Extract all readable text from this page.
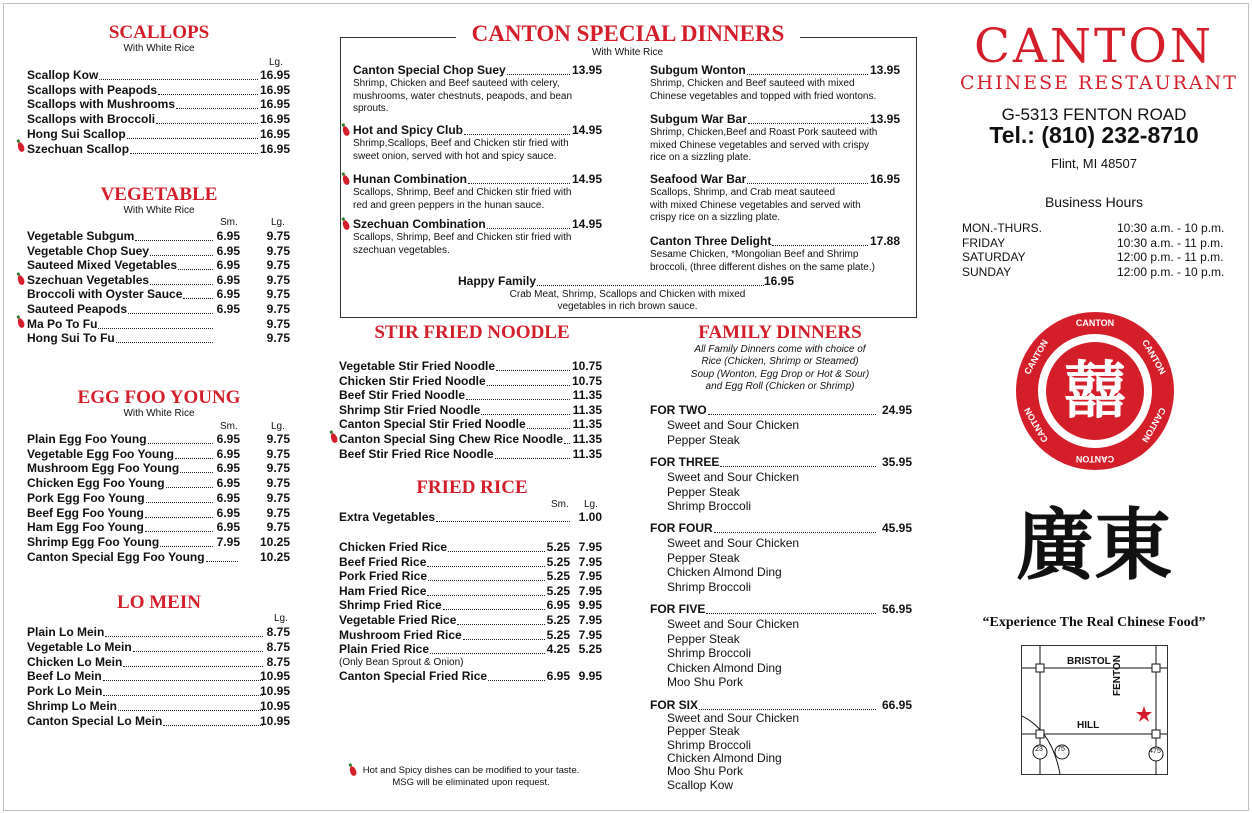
SCALLOPS
With White Rice
Lg.
Scallop Kow	16.95
Scallops with Peapods	16.95
Scallops with Mushrooms	16.95
Scallops with Broccoli	16.95
Hong Sui Scallop	16.95
Szechuan Scallop	16.95
VEGETABLE
With White Rice
Sm.	Lg.
Vegetable Subgum	6.95	9.75
Vegetable Chop Suey	6.95	9.75
Sauteed Mixed Vegetables	6.95	9.75
Szechuan Vegetables	6.95	9.75
Broccoli with Oyster Sauce	6.95	9.75
Sauteed Peapods	6.95	9.75
Ma Po To Fu	9.75
Hong Sui To Fu	9.75
EGG FOO YOUNG
With White Rice
Sm.	Lg.
Plain Egg Foo Young	6.95	9.75
Vegetable Egg Foo Young	6.95	9.75
Mushroom Egg Foo Young	6.95	9.75
Chicken Egg Foo Young	6.95	9.75
Pork Egg Foo Young	6.95	9.75
Beef Egg Foo Young	6.95	9.75
Ham Egg Foo Young	6.95	9.75
Shrimp Egg Foo Young	7.95	10.25
Canton Special Egg Foo Young	10.25
LO MEIN
Lg.
Plain Lo Mein	8.75
Vegetable Lo Mein	8.75
Chicken Lo Mein	8.75
Beef Lo Mein	10.95
Pork Lo Mein	10.95
Shrimp Lo Mein	10.95
Canton Special Lo Mein	10.95
CANTON SPECIAL DINNERS
With White Rice
Canton Special Chop Suey	13.95
Shrimp, Chicken and Beef sauteed with celery,
mushrooms, water chestnuts, peapods, and bean
sprouts.
Hot and Spicy Club	14.95
Shrimp,Scallops, Beef and Chicken stir fried with
sweet onion, served with hot and spicy sauce.
Hunan Combination	14.95
Scallops, Shrimp, Beef and Chicken stir fried with
red and green peppers in the hunan sauce.
Szechuan Combination	14.95
Scallops, Shrimp, Beef and Chicken stir fried with
szechuan vegetables.
Subgum Wonton	13.95
Shrimp, Chicken and Beef sauteed with mixed
Chinese vegetables and topped with fried wontons.
Subgum War Bar	13.95
Shrimp, Chicken,Beef and Roast Pork sauteed with
mixed Chinese vegetables and served with crispy
rice on a sizzling plate.
Seafood War Bar	16.95
Scallops, Shrimp, and Crab meat sauteed
with mixed Chinese vegetables and served with
crispy rice on a sizzling plate.
Canton Three Delight	17.88
Sesame Chicken, *Mongolian Beef and Shrimp
broccoli, (three different dishes on the same plate.)
Happy Family	16.95
Crab Meat, Shrimp, Scallops and Chicken with mixed
vegetables in rich brown sauce.
STIR FRIED NOODLE
Vegetable Stir Fried Noodle	10.75
Chicken Stir Fried Noodle	10.75
Beef Stir Fried Noodle	11.35
Shrimp Stir Fried Noodle	11.35
Canton Special Stir Fried Noodle	11.35
Canton Special Sing Chew Rice Noodle 11.35
Beef Stir Fried Rice Noodle	11.35
FRIED RICE
Sm. Lg.
Extra Vegetables	1.00
Chicken Fried Rice	5.25 7.95
Beef Fried Rice	5.25 7.95
Pork Fried Rice	5.25 7.95
Ham Fried Rice	5.25 7.95
Shrimp Fried Rice	6.95 9.95
Vegetable Fried Rice	5.25 7.95
Mushroom Fried Rice	5.25 7.95
Plain Fried Rice	4.25 5.25
(Only Bean Sprout & Onion)
Canton Special Fried Rice	6.95 9.95
FAMILY DINNERS
All Family Dinners come with choice of
Rice (Chicken, Shrimp or Steamed)
Soup (Wonton, Egg Drop or Hot & Sour)
and Egg Roll (Chicken or Shrimp)
FOR TWO	24.95
Sweet and Sour Chicken
Pepper Steak
FOR THREE	35.95
Sweet and Sour Chicken
Pepper Steak
Shrimp Broccoli
FOR FOUR	45.95
Sweet and Sour Chicken
Pepper Steak
Chicken Almond Ding
Shrimp Broccoli
FOR FIVE	56.95
Sweet and Sour Chicken
Pepper Steak
Shrimp Broccoli
Chicken Almond Ding
Moo Shu Pork
FOR SIX	66.95
Sweet and Sour Chicken
Pepper Steak
Shrimp Broccoli
Chicken Almond Ding
Moo Shu Pork
Scallop Kow
Hot and Spicy dishes can be modified to your taste.
MSG will be eliminated upon request.
CANTON
CHINESE RESTAURANT
G-5313 FENTON ROAD
Tel.: (810) 232-8710
Flint, MI 48507
Business Hours
MON.-THURS.	10:30 a.m. - 10 p.m.
FRIDAY	10:30 a.m. - 11 p.m.
SATURDAY	12:00 p.m. - 11 p.m.
SUNDAY	12:00 p.m. - 10 p.m.
囍
CANTON
CANTON
CANTON
CANTON
CANTON
CANTON
廣東
“Experience The Real Chinese Food”
BRISTOL
HILL
FENTON
23	75	475
